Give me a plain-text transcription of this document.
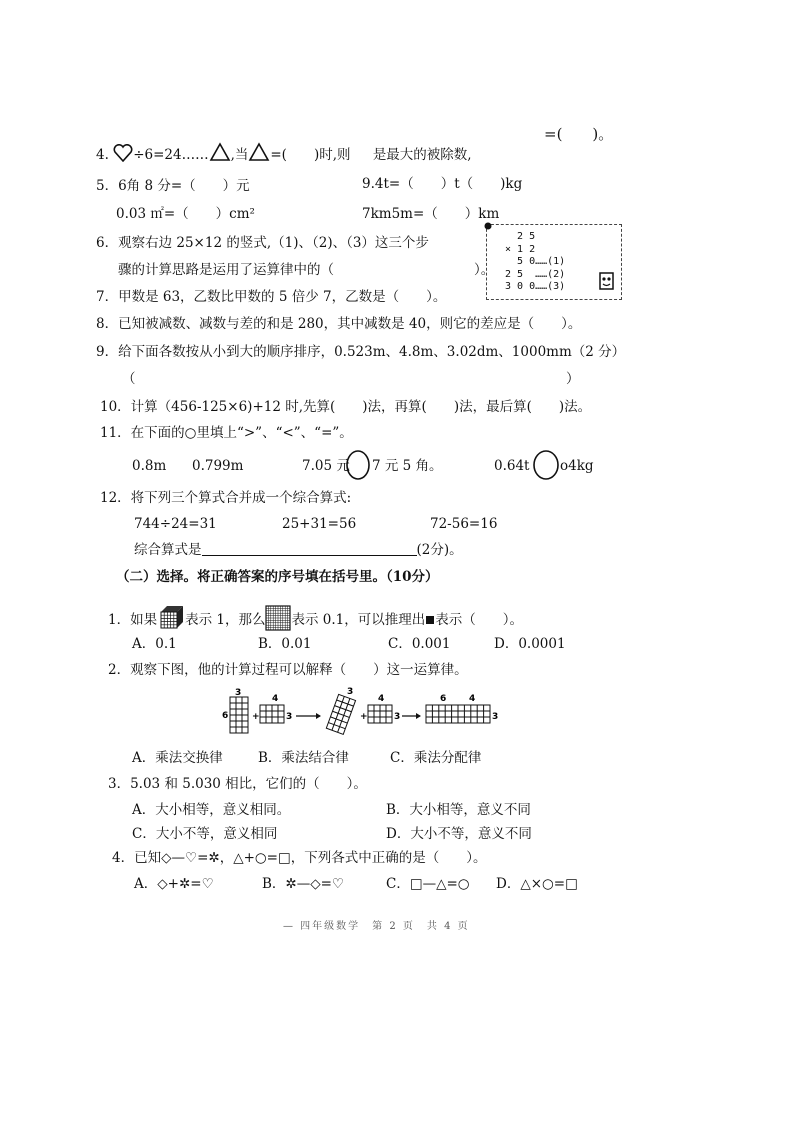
4. ÷6=24…… ,当 =(　　)时,则 是最大的被除数,
=(　　)。
5．6角 8 分=（　　）元	9.4t=（　　）t（　　)kg
0.03 ㎡=（　　）cm²	7km5m=（　　）km
6．观察右边 25×12 的竖式,（1)、（2)、（3）这三个步
骤的计算思路是运用了运算律中的（	）。
2 5
× 1 2
5 0……(1)
2 5  ……(2)
3 0 0……(3)
7．甲数是 63，乙数比甲数的 5 倍少 7，乙数是（　　）。
8．已知被减数、减数与差的和是 280，其中减数是 40，则它的差应是（　　）。
9．给下面各数按从小到大的顺序排序，0.523m、4.8m、3.02dm、1000mm（2 分）
（	）
10．计算（456-125×6)+12 时,先算(　　)法，再算(　　)法，最后算(　　)法。
11．在下面的○里填上“>”、“<”、“=”。
0.8m 0.799m	7.05 元 7 元 5 角。	0.64t o4kg
12．将下列三个算式合并成一个综合算式:
744÷24=31	25+31=56	72-56=16
综合算式是	(2分)。
（二）选择。将正确答案的序号填在括号里。（10分）
1．如果 表示 1，那么 表示 0.1，可以推理出 表示（　　）。
A．0.1	B．0.01	C．0.001	D．0.0001
2．观察下图，他的计算过程可以解释（　　）这一运算律。
3
6	+
4
3
3
+
4
3
6	4
3
A．乘法交换律	B．乘法结合律	C．乘法分配律
3．5.03 和 5.030 相比，它们的（　　）。
A．大小相等，意义相同。	B．大小相等，意义不同
C．大小不等，意义相同	D．大小不等，意义不同
4．已知◇—♡=✲，△+○=□，下列各式中正确的是（　　）。
A．◇+✲=♡	B．✲—◇=♡	C．□—△=○ D．△×○=□
— 四年级数学　第 2 页　共 4 页
